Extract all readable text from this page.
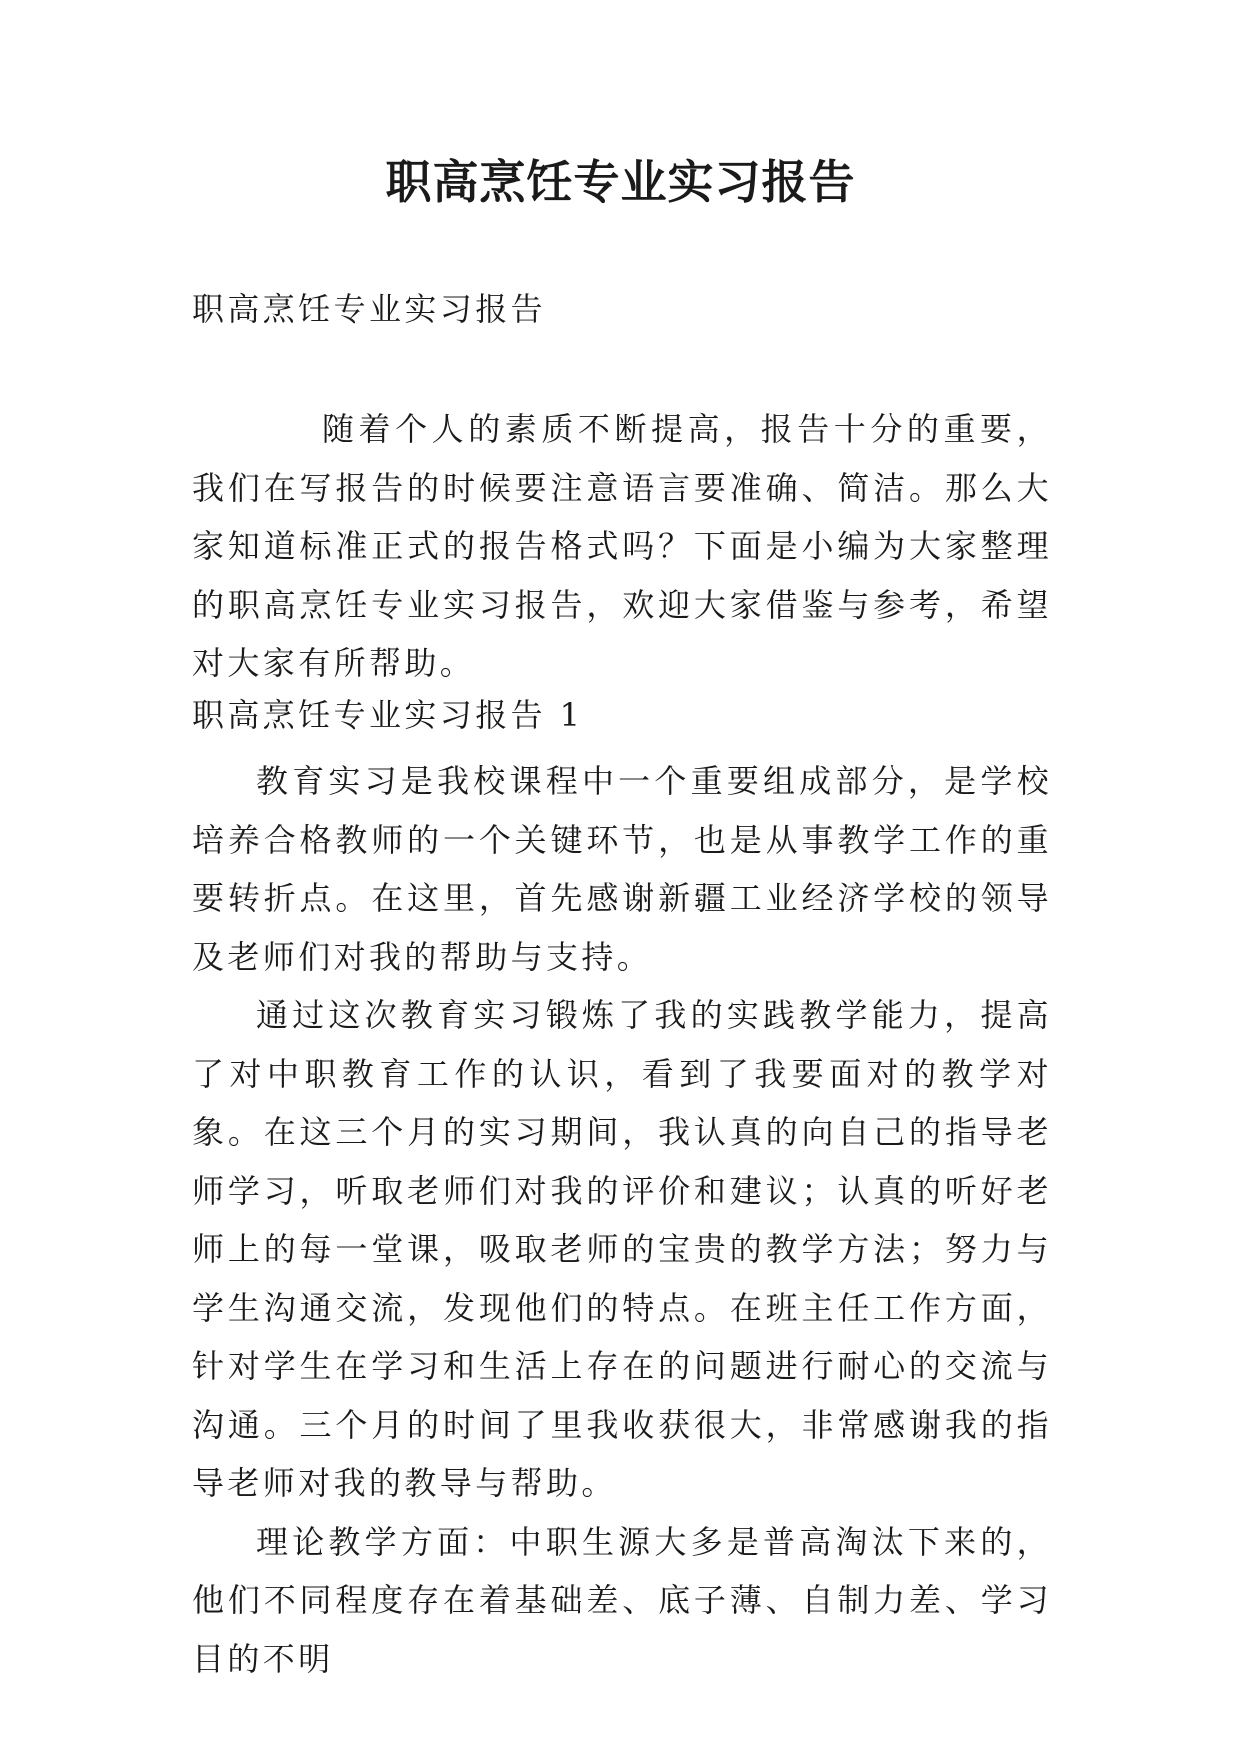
职高烹饪专业实习报告
职高烹饪专业实习报告
随着个人的素质不断提高，报告十分的重要，我们在写报告的时候要注意语言要准确、简洁。那么大家知道标准正式的报告格式吗？下面是小编为大家整理的职高烹饪专业实习报告，欢迎大家借鉴与参考，希望对大家有所帮助。
职高烹饪专业实习报告 1

教育实习是我校课程中一个重要组成部分，是学校培养合格教师的一个关键环节，也是从事教学工作的重要转折点。在这里，首先感谢新疆工业经济学校的领导及老师们对我的帮助与支持。

通过这次教育实习锻炼了我的实践教学能力，提高了对中职教育工作的认识，看到了我要面对的教学对象。在这三个月的实习期间，我认真的向自己的指导老师学习，听取老师们对我的评价和建议；认真的听好老师上的每一堂课，吸取老师的宝贵的教学方法；努力与学生沟通交流，发现他们的特点。在班主任工作方面，针对学生在学习和生活上存在的问题进行耐心的交流与沟通。三个月的时间了里我收获很大，非常感谢我的指导老师对我的教导与帮助。

理论教学方面：中职生源大多是普高淘汰下来的，他们不同程度存在着基础差、底子薄、自制力差、学习目的不明
